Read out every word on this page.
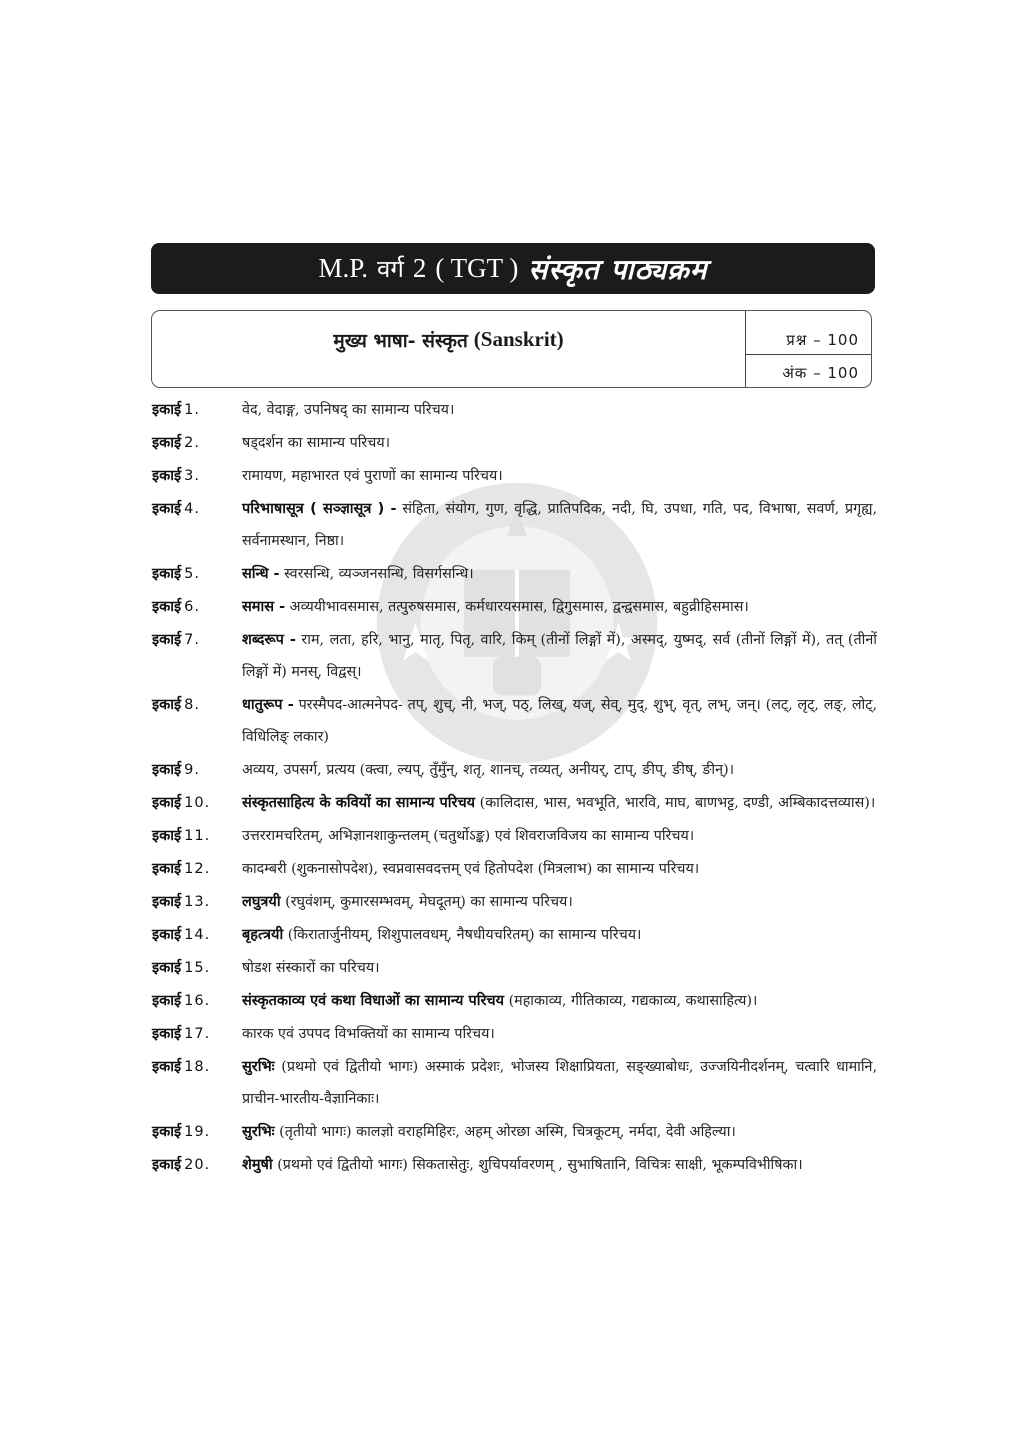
M.P. वर्ग 2 ( TGT ) संस्कृत पाठ्यक्रम
मुख्य भाषा- संस्कृत (Sanskrit)	प्रश्न – 100
अंक – 100
इकाई 1.	वेद, वेदाङ्ग, उपनिषद् का सामान्य परिचय।
इकाई 2.	षड्दर्शन का सामान्य परिचय।
इकाई 3.	रामायण, महाभारत एवं पुराणों का सामान्य परिचय।
इकाई 4.	परिभाषासूत्र ( सञ्ज्ञासूत्र ) - संहिता, संयोग, गुण, वृद्धि, प्रातिपदिक, नदी, घि, उपधा, गति, पद, विभाषा, सवर्ण, प्रगृह्य, सर्वनामस्थान, निष्ठा।
इकाई 5.	सन्धि - स्वरसन्धि, व्यञ्जनसन्धि, विसर्गसन्धि।
इकाई 6.	समास - अव्ययीभावसमास, तत्पुरुषसमास, कर्मधारयसमास, द्विगुसमास, द्वन्द्वसमास, बहुव्रीहिसमास।
इकाई 7.	शब्दरूप - राम, लता, हरि, भानु, मातृ, पितृ, वारि, किम् (तीनों लिङ्गों में), अस्मद्, युष्मद्, सर्व (तीनों लिङ्गों में), तत् (तीनों लिङ्गों में) मनस्, विद्वस्।
इकाई 8.	धातुरूप - परस्मैपद-आत्मनेपद- तप्, शुच्, नी, भज्, पठ्, लिख्, यज्, सेव्, मुद्, शुभ्, वृत्, लभ्, जन्। (लट्, लृट्, लङ्, लोट्, विधिलिङ् लकार)
इकाई 9.	अव्यय, उपसर्ग, प्रत्यय (क्त्वा, ल्यप्, तुँमुँन्, शतृ, शानच्, तव्यत्, अनीयर्, टाप्, ङीप्, ङीष्, ङीन्)।
इकाई 10.	संस्कृतसाहित्य के कवियों का सामान्य परिचय (कालिदास, भास, भवभूति, भारवि, माघ, बाणभट्ट, दण्डी, अम्बिकादत्तव्यास)।
इकाई 11.	उत्तररामचरितम्, अभिज्ञानशाकुन्तलम् (चतुर्थोऽङ्क) एवं शिवराजविजय का सामान्य परिचय।
इकाई 12.	कादम्बरी (शुकनासोपदेश), स्वप्नवासवदत्तम् एवं हितोपदेश (मित्रलाभ) का सामान्य परिचय।
इकाई 13.	लघुत्रयी (रघुवंशम्, कुमारसम्भवम्, मेघदूतम्) का सामान्य परिचय।
इकाई 14.	बृहत्त्रयी (किरातार्जुनीयम्, शिशुपालवधम्, नैषधीयचरितम्) का सामान्य परिचय।
इकाई 15.	षोडश संस्कारों का परिचय।
इकाई 16.	संस्कृतकाव्य एवं कथा विधाओं का सामान्य परिचय (महाकाव्य, गीतिकाव्य, गद्यकाव्य, कथासाहित्य)।
इकाई 17.	कारक एवं उपपद विभक्तियों का सामान्य परिचय।
इकाई 18.	सुरभिः (प्रथमो एवं द्वितीयो भागः) अस्माकं प्रदेशः, भोजस्य शिक्षाप्रियता, सङ्ख्याबोधः, उज्जयिनीदर्शनम्, चत्वारि धामानि, प्राचीन-भारतीय-वैज्ञानिकाः।
इकाई 19.	सुरभिः (तृतीयो भागः) कालज्ञो वराहमिहिरः, अहम् ओरछा अस्मि, चित्रकूटम्, नर्मदा, देवी अहिल्या।
इकाई 20.	शेमुषी (प्रथमो एवं द्वितीयो भागः) सिकतासेतुः, शुचिपर्यावरणम् , सुभाषितानि, विचित्रः साक्षी, भूकम्पविभीषिका।
